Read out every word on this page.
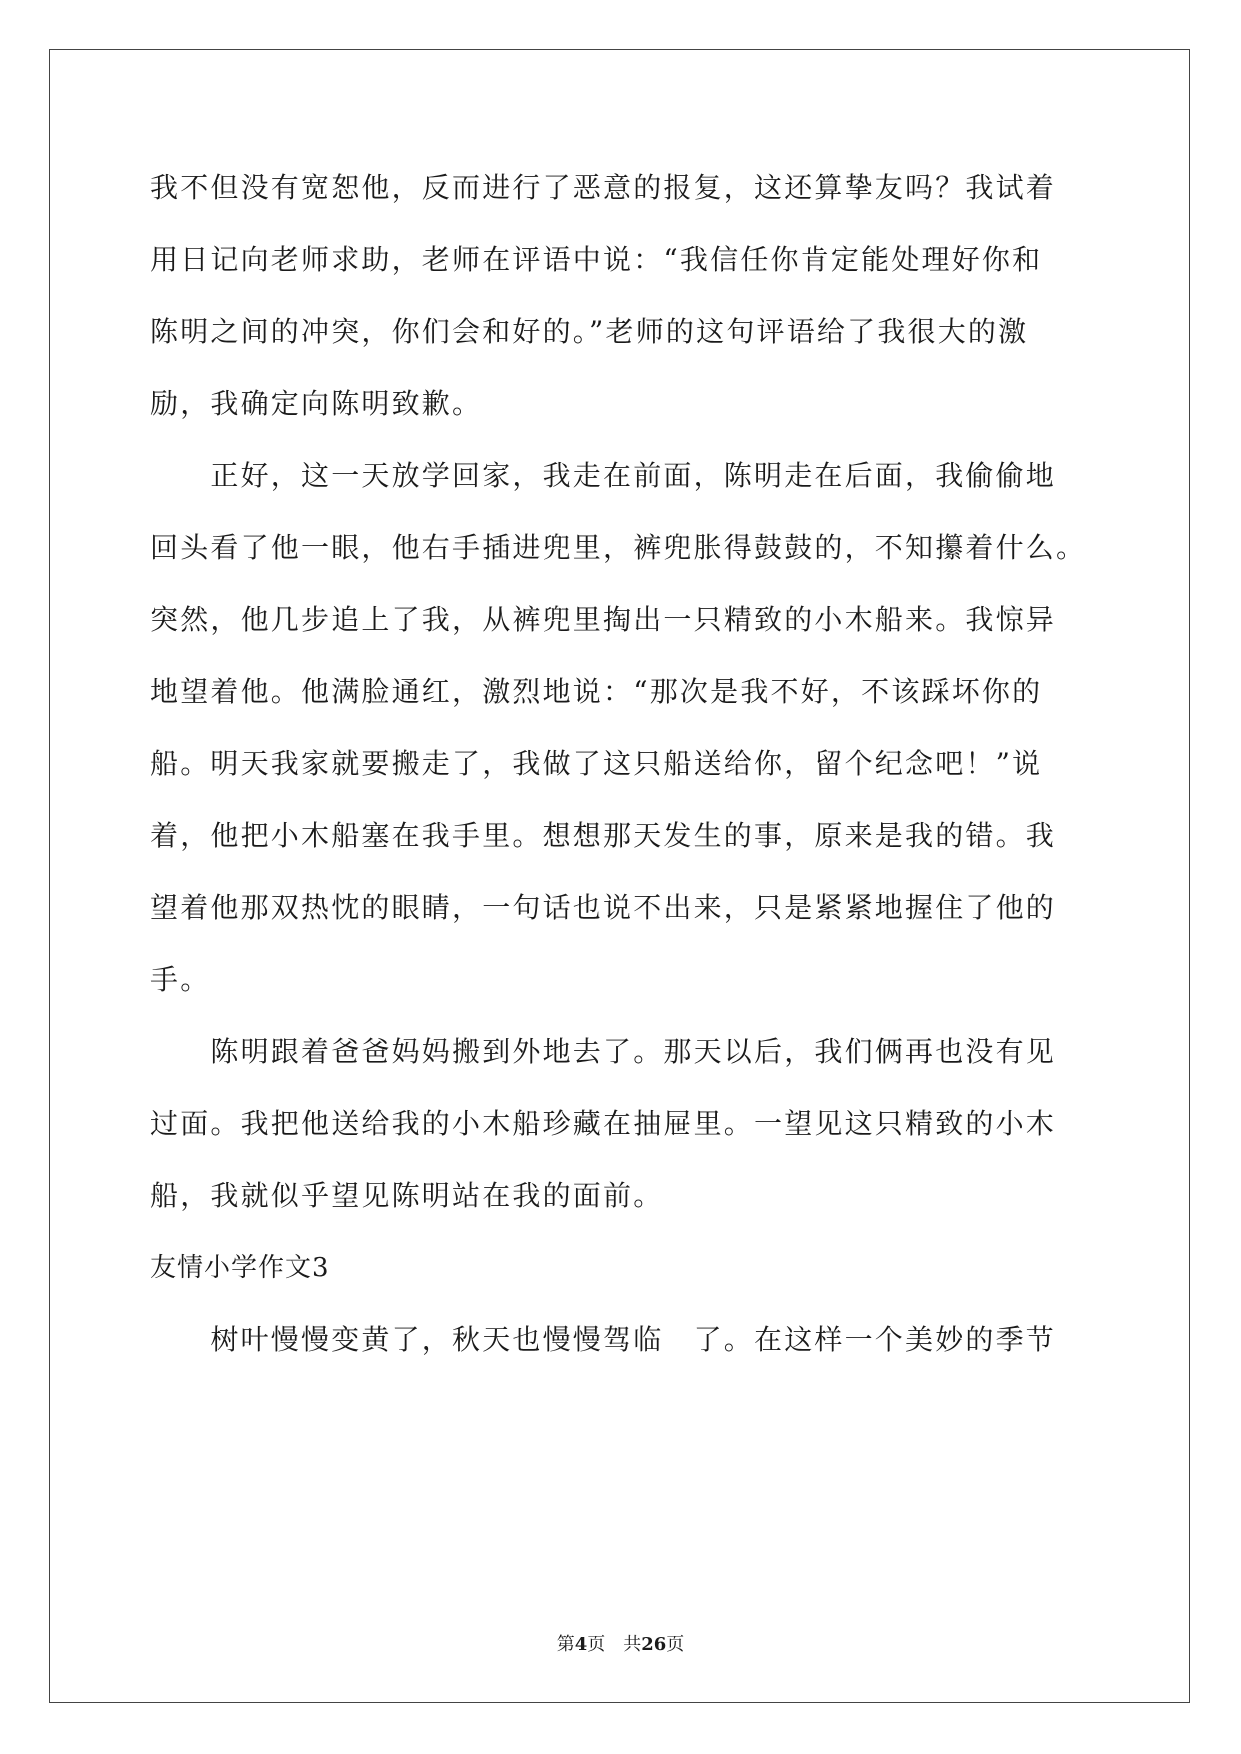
我不但没有宽恕他，反而进行了恶意的报复，这还算挚友吗？我试着
用日记向老师求助，老师在评语中说：“我信任你肯定能处理好你和
陈明之间的冲突，你们会和好的。”老师的这句评语给了我很大的激
励，我确定向陈明致歉。
　　正好，这一天放学回家，我走在前面，陈明走在后面，我偷偷地
回头看了他一眼，他右手插进兜里，裤兜胀得鼓鼓的，不知攥着什么。
突然，他几步追上了我，从裤兜里掏出一只精致的小木船来。我惊异
地望着他。他满脸通红，激烈地说：“那次是我不好，不该踩坏你的
船。明天我家就要搬走了，我做了这只船送给你，留个纪念吧！”说
着，他把小木船塞在我手里。想想那天发生的事，原来是我的错。我
望着他那双热忱的眼睛，一句话也说不出来，只是紧紧地握住了他的
手。
　　陈明跟着爸爸妈妈搬到外地去了。那天以后，我们俩再也没有见
过面。我把他送给我的小木船珍藏在抽屉里。一望见这只精致的小木
船，我就似乎望见陈明站在我的面前。
友情小学作文3
　　树叶慢慢变黄了，秋天也慢慢驾临　了。在这样一个美妙的季节
第4页　共26页
